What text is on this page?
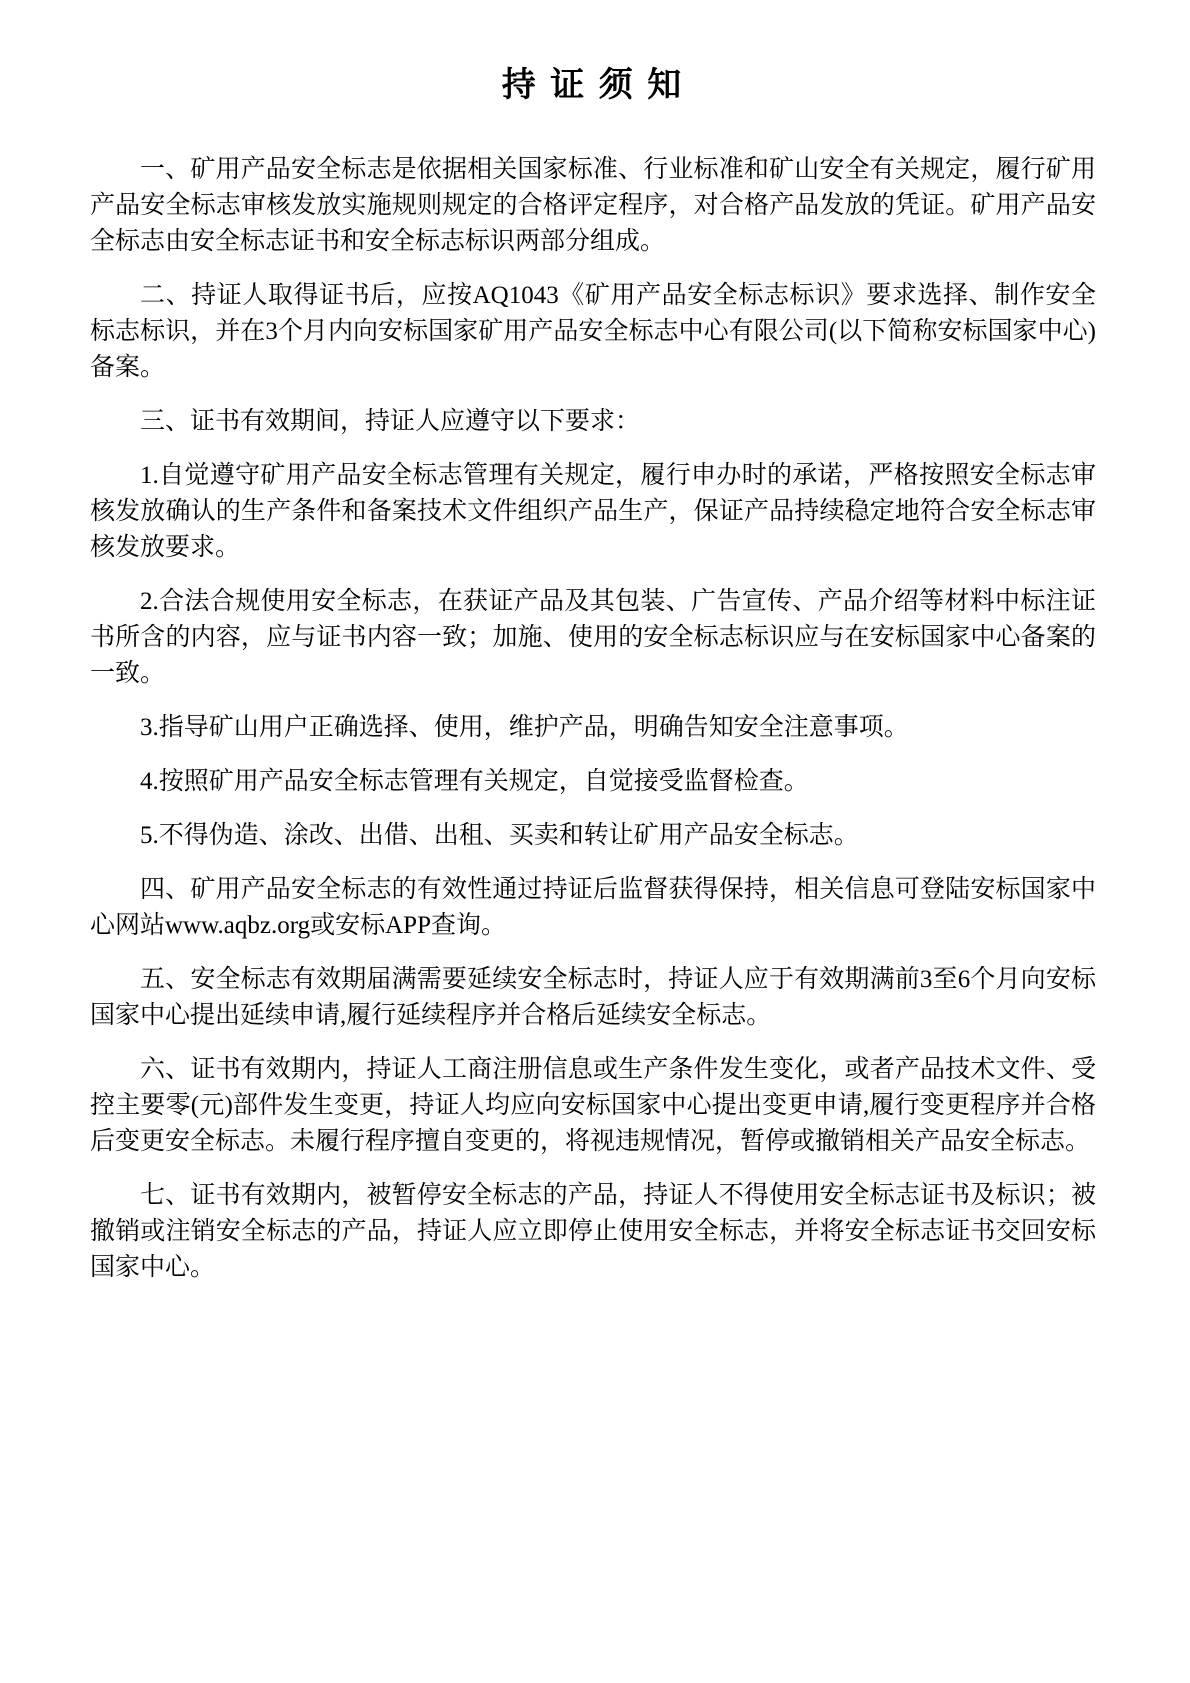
持 证 须 知

一、矿用产品安全标志是依据相关国家标准、行业标准和矿山安全有关规定，履行矿用产品安全标志审核发放实施规则规定的合格评定程序，对合格产品发放的凭证。矿用产品安全标志由安全标志证书和安全标志标识两部分组成。

二、持证人取得证书后，应按AQ1043《矿用产品安全标志标识》要求选择、制作安全标志标识，并在3个月内向安标国家矿用产品安全标志中心有限公司(以下简称安标国家中心)备案。

三、证书有效期间，持证人应遵守以下要求：

1.自觉遵守矿用产品安全标志管理有关规定，履行申办时的承诺，严格按照安全标志审核发放确认的生产条件和备案技术文件组织产品生产，保证产品持续稳定地符合安全标志审核发放要求。

2.合法合规使用安全标志，在获证产品及其包装、广告宣传、产品介绍等材料中标注证书所含的内容，应与证书内容一致；加施、使用的安全标志标识应与在安标国家中心备案的一致。

3.指导矿山用户正确选择、使用，维护产品，明确告知安全注意事项。

4.按照矿用产品安全标志管理有关规定，自觉接受监督检查。

5.不得伪造、涂改、出借、出租、买卖和转让矿用产品安全标志。

四、矿用产品安全标志的有效性通过持证后监督获得保持，相关信息可登陆安标国家中心网站www.aqbz.org或安标APP查询。

五、安全标志有效期届满需要延续安全标志时，持证人应于有效期满前3至6个月向安标国家中心提出延续申请,履行延续程序并合格后延续安全标志。

六、证书有效期内，持证人工商注册信息或生产条件发生变化，或者产品技术文件、受控主要零(元)部件发生变更，持证人均应向安标国家中心提出变更申请,履行变更程序并合格后变更安全标志。未履行程序擅自变更的，将视违规情况，暂停或撤销相关产品安全标志。

七、证书有效期内，被暂停安全标志的产品，持证人不得使用安全标志证书及标识；被撤销或注销安全标志的产品，持证人应立即停止使用安全标志，并将安全标志证书交回安标国家中心。
